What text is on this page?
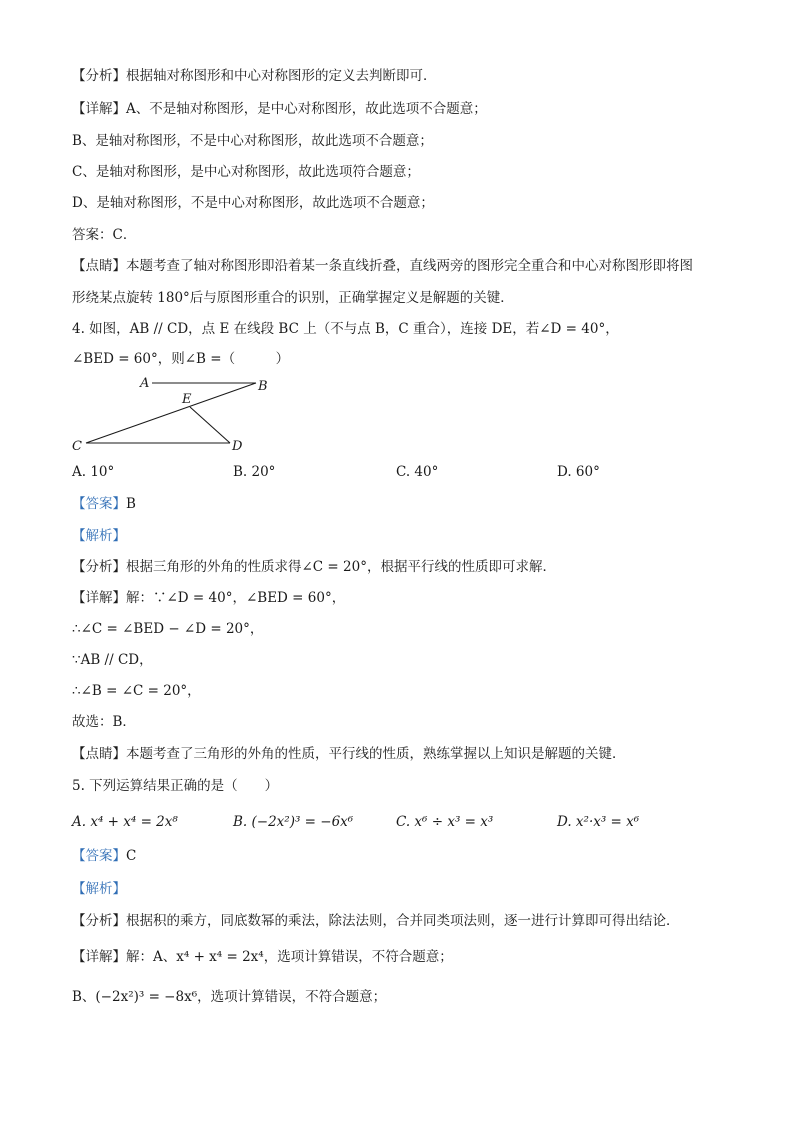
【分析】根据轴对称图形和中心对称图形的定义去判断即可．
【详解】A、不是轴对称图形，是中心对称图形，故此选项不合题意；
B、是轴对称图形，不是中心对称图形，故此选项不合题意；
C、是轴对称图形，是中心对称图形，故此选项符合题意；
D、是轴对称图形，不是中心对称图形，故此选项不合题意；
答案：C．
【点睛】本题考查了轴对称图形即沿着某一条直线折叠，直线两旁的图形完全重合和中心对称图形即将图
形绕某点旋转 180°后与原图形重合的识别，正确掌握定义是解题的关键．
4. 如图，AB // CD，点 E 在线段 BC 上（不与点 B，C 重合），连接 DE，若∠D = 40°，
∠BED = 60°，则∠B =（　　　）
A	B
E
C	D
A. 10°	B. 20°	C. 40°	D. 60°
【答案】B
【解析】
【分析】根据三角形的外角的性质求得∠C = 20°，根据平行线的性质即可求解．
【详解】解：∵∠D = 40°，∠BED = 60°，
∴∠C = ∠BED − ∠D = 20°，
∵AB // CD，
∴∠B = ∠C = 20°，
故选：B．
【点睛】本题考查了三角形的外角的性质，平行线的性质，熟练掌握以上知识是解题的关键．
5. 下列运算结果正确的是（　　）
A. x⁴ + x⁴ = 2x⁸	B. (−2x²)³ = −6x⁶	C. x⁶ ÷ x³ = x³	D. x²·x³ = x⁶
【答案】C
【解析】
【分析】根据积的乘方，同底数幂的乘法，除法法则，合并同类项法则，逐一进行计算即可得出结论．
【详解】解：A、x⁴ + x⁴ = 2x⁴，选项计算错误，不符合题意；
B、(−2x²)³ = −8x⁶，选项计算错误，不符合题意；
